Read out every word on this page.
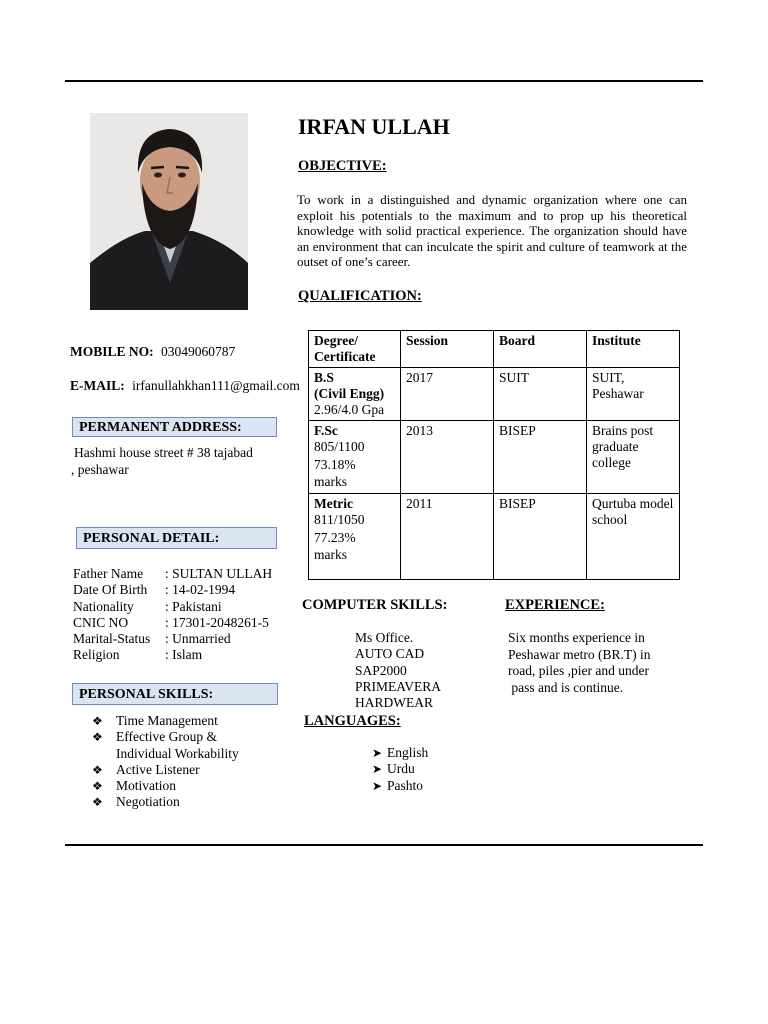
IRFAN ULLAH
OBJECTIVE:
To work in a distinguished and dynamic organization where one can exploit his potentials to the maximum and to prop up his theoretical knowledge with solid practical experience. The organization should have an environment that can inculcate the spirit and culture of teamwork at the outset of one’s career.
QUALIFICATION:
Degree/ Certificate	Session	Board	Institute

B.S
(Civil Engg)
2.96/4.0 Gpa	2017	SUIT	SUIT, Peshawar

F.Sc
805/1100
73.18%
marks	2013	BISEP	Brains post graduate college

Metric
811/1050
77.23%
marks	2011	BISEP	Qurtuba model school
MOBILE NO: 03049060787
E-MAIL: irfanullahkhan111@gmail.com
PERMANENT ADDRESS:
Hashmi house street # 38 tajabad
, peshawar
PERSONAL DETAIL:
Father Name	: SULTAN ULLAH
Date Of Birth	: 14-02-1994
Nationality	: Pakistani
CNIC NO	: 17301-2048261-5
Marital-Status	: Unmarried
Religion	: Islam
PERSONAL SKILLS:
❖ Time Management
❖ Effective Group &
Individual Workability
❖ Active Listener
❖ Motivation
❖ Negotiation
COMPUTER SKILLS:
Ms Office.
AUTO CAD
SAP2000
PRIMEAVERA
HARDWEAR
EXPERIENCE:
Six months experience in
Peshawar metro (BR.T) in
road, piles ,pier and under
pass and is continue.
LANGUAGES:
➤ English
➤ Urdu
➤ Pashto
